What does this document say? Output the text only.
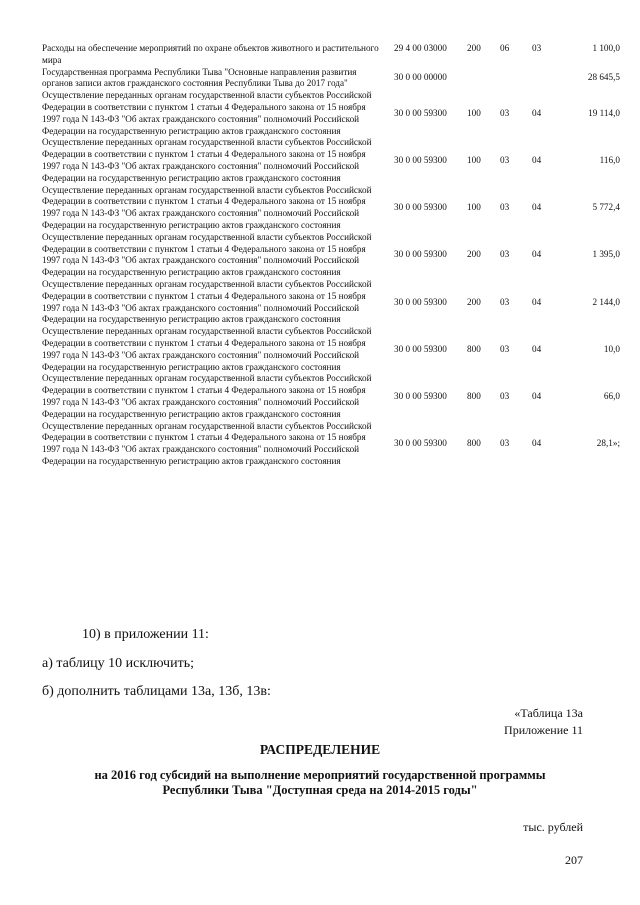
Расходы на обеспечение мероприятий по охране объектов животного и растительного мира
29 4 00 03000 200 06 03	1 100,0
Государственная программа Республики Тыва "Основные направления развития органов записи актов гражданского состояния Республики Тыва до 2017 года"
30 0 00 00000	28 645,5
Осуществление переданных органам государственной власти субъектов Российской Федерации в соответствии с пунктом 1 статьи 4 Федерального закона от 15 ноября 1997 года N 143-ФЗ "Об актах гражданского состояния" полномочий Российской Федерации на государственную регистрацию актов гражданского состояния
30 0 00 59300 100 03 04	19 114,0
Осуществление переданных органам государственной власти субъектов Российской Федерации в соответствии с пунктом 1 статьи 4 Федерального закона от 15 ноября 1997 года N 143-ФЗ "Об актах гражданского состояния" полномочий Российской Федерации на государственную регистрацию актов гражданского состояния
30 0 00 59300 100 03 04	116,0
Осуществление переданных органам государственной власти субъектов Российской Федерации в соответствии с пунктом 1 статьи 4 Федерального закона от 15 ноября 1997 года N 143-ФЗ "Об актах гражданского состояния" полномочий Российской Федерации на государственную регистрацию актов гражданского состояния
30 0 00 59300 100 03 04	5 772,4
Осуществление переданных органам государственной власти субъектов Российской Федерации в соответствии с пунктом 1 статьи 4 Федерального закона от 15 ноября 1997 года N 143-ФЗ "Об актах гражданского состояния" полномочий Российской Федерации на государственную регистрацию актов гражданского состояния
30 0 00 59300 200 03 04	1 395,0
Осуществление переданных органам государственной власти субъектов Российской Федерации в соответствии с пунктом 1 статьи 4 Федерального закона от 15 ноября 1997 года N 143-ФЗ "Об актах гражданского состояния" полномочий Российской Федерации на государственную регистрацию актов гражданского состояния
30 0 00 59300 200 03 04	2 144,0
Осуществление переданных органам государственной власти субъектов Российской Федерации в соответствии с пунктом 1 статьи 4 Федерального закона от 15 ноября 1997 года N 143-ФЗ "Об актах гражданского состояния" полномочий Российской Федерации на государственную регистрацию актов гражданского состояния
30 0 00 59300 800 03 04	10,0
Осуществление переданных органам государственной власти субъектов Российской Федерации в соответствии с пунктом 1 статьи 4 Федерального закона от 15 ноября 1997 года N 143-ФЗ "Об актах гражданского состояния" полномочий Российской Федерации на государственную регистрацию актов гражданского состояния
30 0 00 59300 800 03 04	66,0
Осуществление переданных органам государственной власти субъектов Российской Федерации в соответствии с пунктом 1 статьи 4 Федерального закона от 15 ноября 1997 года N 143-ФЗ "Об актах гражданского состояния" полномочий Российской Федерации на государственную регистрацию актов гражданского состояния
30 0 00 59300 800 03 04	28,1»;
10) в приложении 11:
а) таблицу 10 исключить;
б) дополнить таблицами 13а, 13б, 13в:
«Таблица 13а
Приложение 11
РАСПРЕДЕЛЕНИЕ
на 2016 год субсидий на выполнение мероприятий государственной программы
Республики Тыва "Доступная среда на 2014-2015 годы"
тыс. рублей
207
